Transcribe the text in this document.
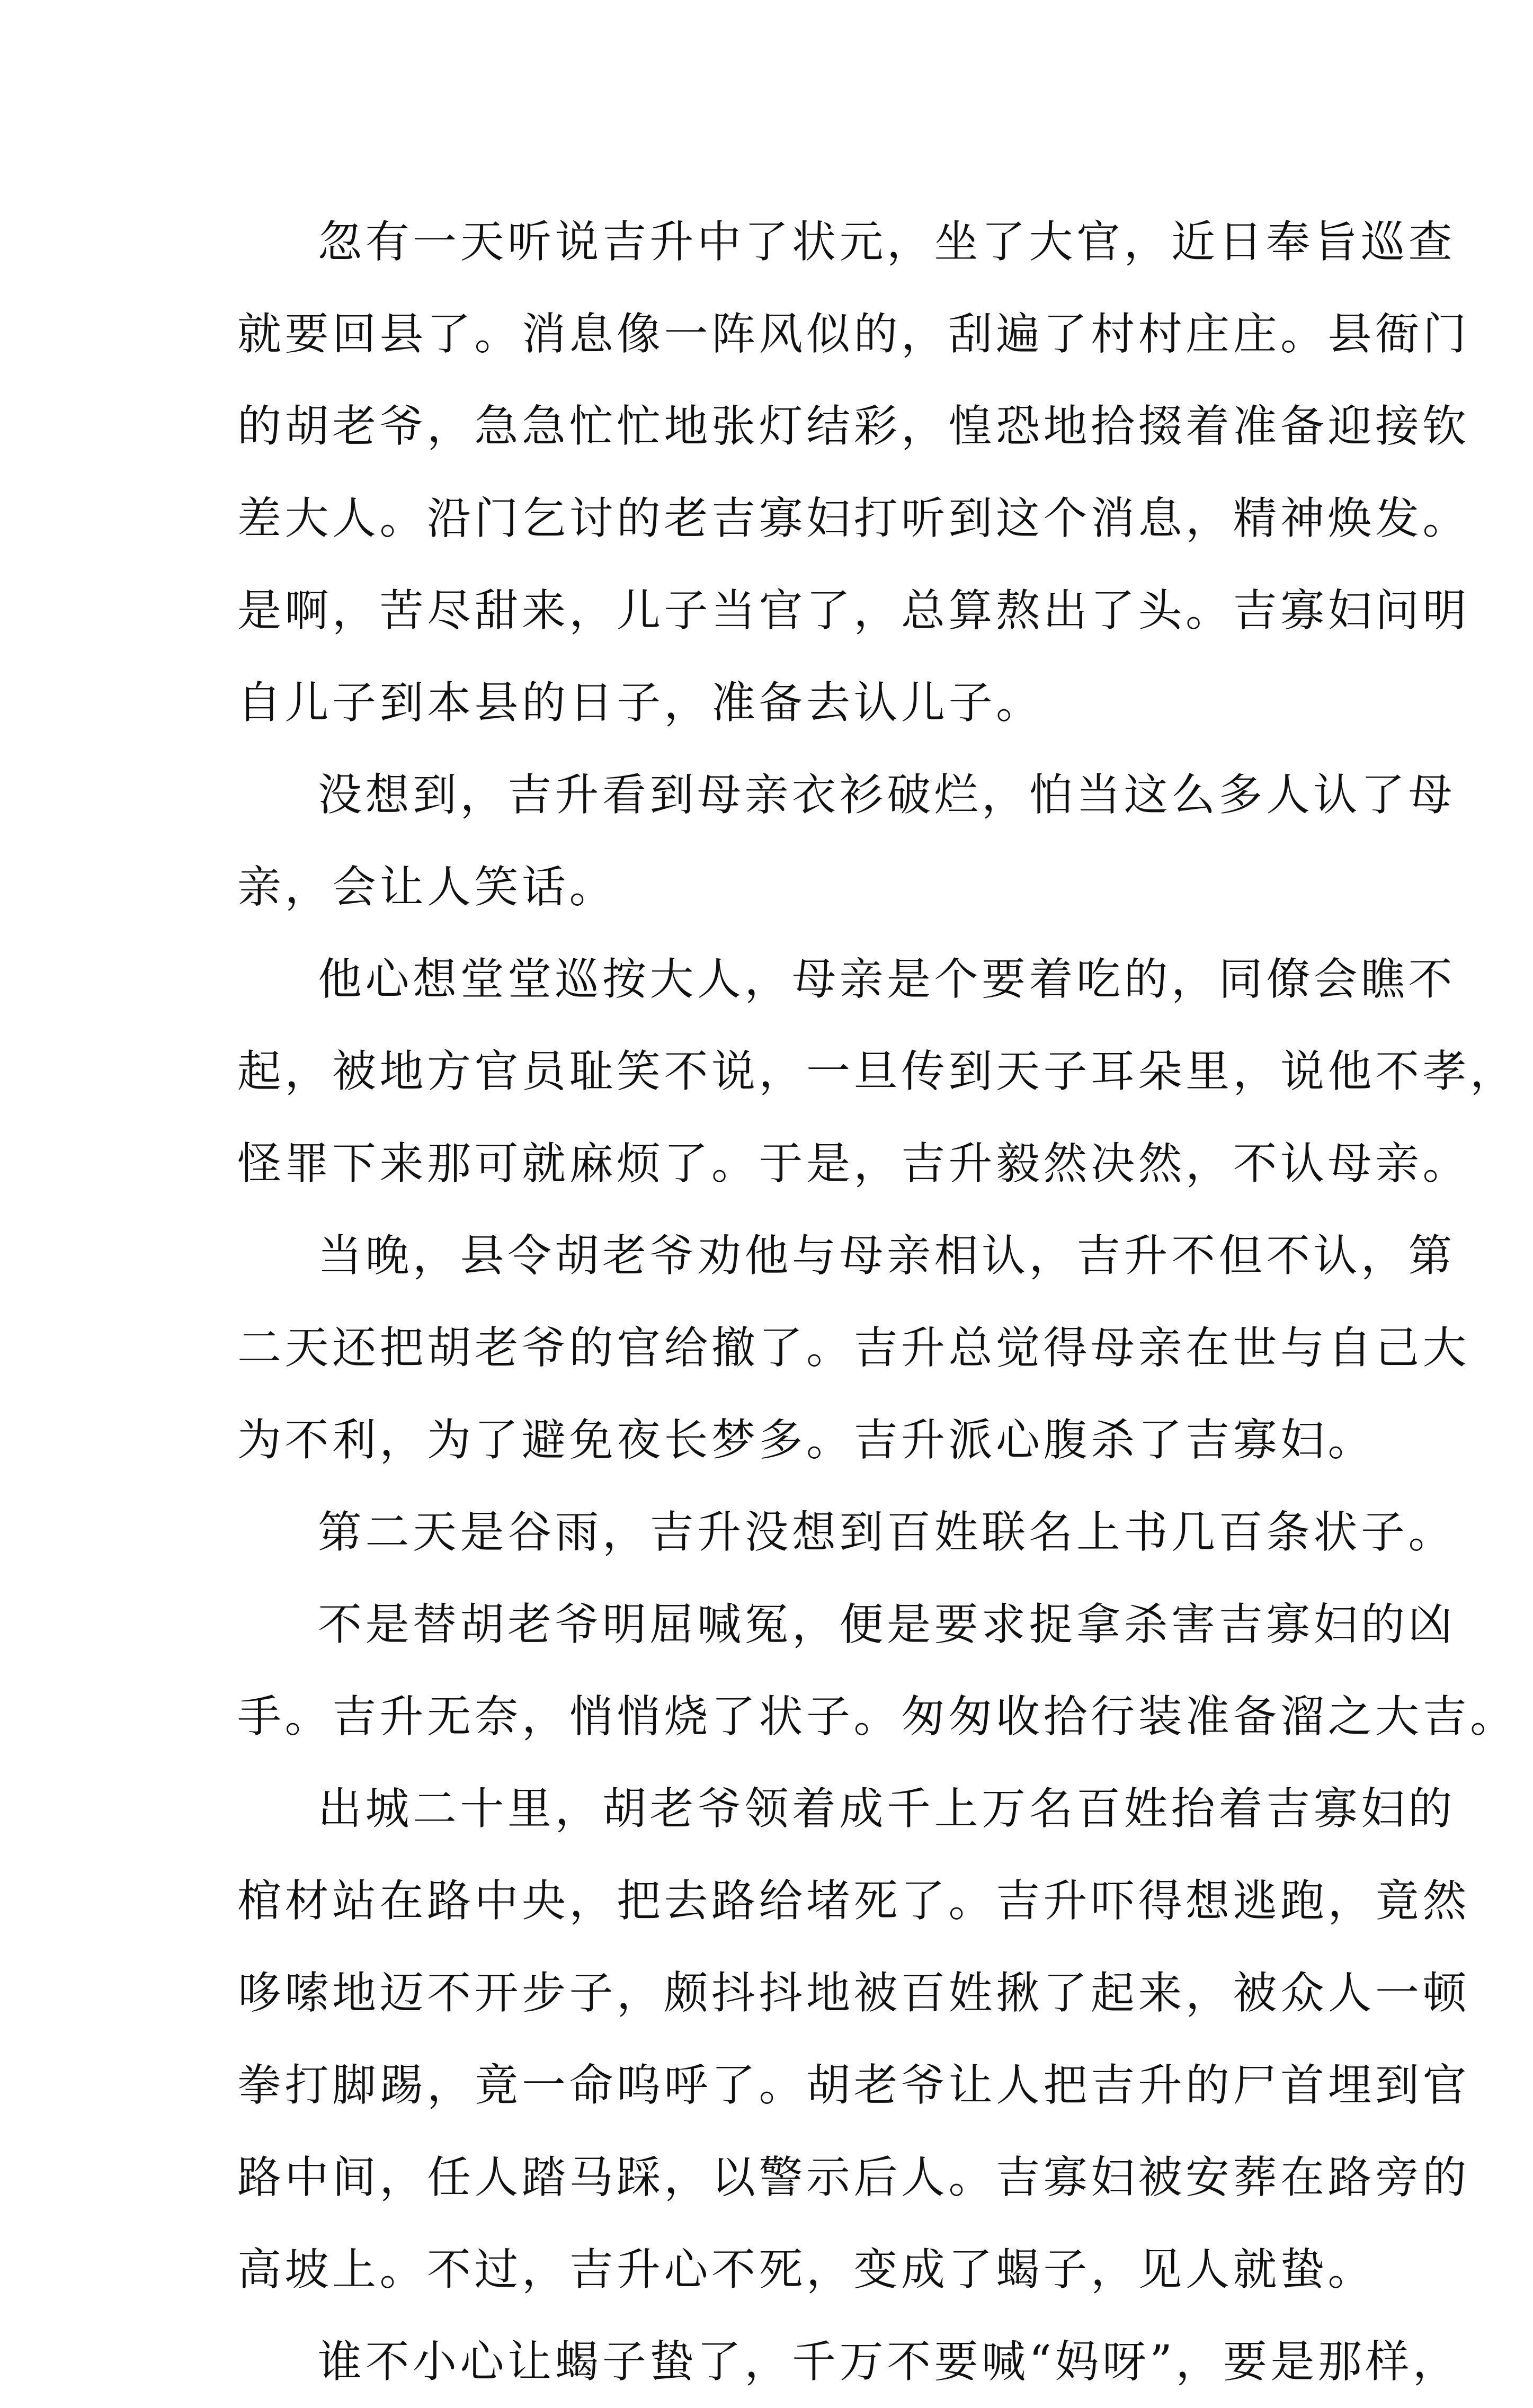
忽有一天听说吉升中了状元，坐了大官，近日奉旨巡查
就要回县了。消息像一阵风似的，刮遍了村村庄庄。县衙门
的胡老爷，急急忙忙地张灯结彩，惶恐地拾掇着准备迎接钦
差大人。沿门乞讨的老吉寡妇打听到这个消息，精神焕发。
是啊，苦尽甜来，儿子当官了，总算熬出了头。吉寡妇问明
自儿子到本县的日子，准备去认儿子。
没想到，吉升看到母亲衣衫破烂，怕当这么多人认了母
亲，会让人笑话。
他心想堂堂巡按大人，母亲是个要着吃的，同僚会瞧不
起，被地方官员耻笑不说，一旦传到天子耳朵里，说他不孝，
怪罪下来那可就麻烦了。于是，吉升毅然决然，不认母亲。
当晚，县令胡老爷劝他与母亲相认，吉升不但不认，第
二天还把胡老爷的官给撤了。吉升总觉得母亲在世与自己大
为不利，为了避免夜长梦多。吉升派心腹杀了吉寡妇。
第二天是谷雨，吉升没想到百姓联名上书几百条状子。
不是替胡老爷明屈喊冤，便是要求捉拿杀害吉寡妇的凶
手。吉升无奈，悄悄烧了状子。匆匆收拾行装准备溜之大吉。
出城二十里，胡老爷领着成千上万名百姓抬着吉寡妇的
棺材站在路中央，把去路给堵死了。吉升吓得想逃跑，竟然
哆嗦地迈不开步子，颇抖抖地被百姓揪了起来，被众人一顿
拳打脚踢，竟一命呜呼了。胡老爷让人把吉升的尸首埋到官
路中间，任人踏马踩，以警示后人。吉寡妇被安葬在路旁的
高坡上。不过，吉升心不死，变成了蝎子，见人就蛰。
谁不小心让蝎子蛰了，千万不要喊“妈呀”，要是那样，
